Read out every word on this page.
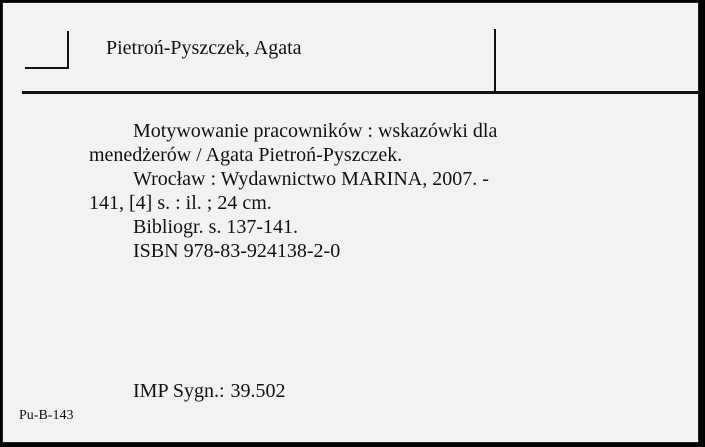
Pietroń-Pyszczek, Agata

Motywowanie pracowników : wskazówki dla

menedżerów / Agata Pietroń-Pyszczek.

Wrocław : Wydawnictwo MARINA, 2007. -

141, [4] s. : il. ; 24 cm.

Bibliogr. s. 137-141.

ISBN 978-83-924138-2-0

IMP Sygn.: 39.502
Pu-B-143
